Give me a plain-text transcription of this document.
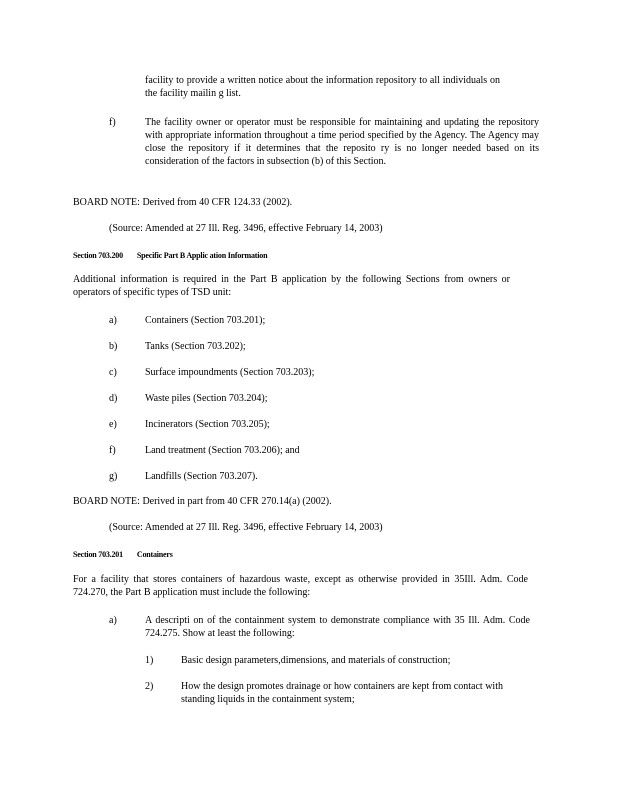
facility to provide a written notice about the information repository to all individuals on the facility mailin g list.

f)	The facility owner or operator must be responsible for maintaining and updating the repository with appropriate information throughout a time period specified by the Agency. The Agency may close the repository if it determines that the reposito ry is no longer needed based on its consideration of the factors in subsection (b) of this Section.

BOARD NOTE: Derived from 40 CFR 124.33 (2002).

(Source: Amended at 27 Ill. Reg. 3496, effective February 14, 2003)

Section 703.200 Specific Part B Applic ation Information

Additional information is required in the Part B application by the following Sections from owners or operators of specific types of TSD unit:

a)	Containers (Section 703.201);
b)	Tanks (Section 703.202);
c)	Surface impoundments (Section 703.203);
d)	Waste piles (Section 703.204);
e)	Incinerators (Section 703.205);
f)	Land treatment (Section 703.206); and
g)	Landfills (Section 703.207).

BOARD NOTE: Derived in part from 40 CFR 270.14(a) (2002).

(Source: Amended at 27 Ill. Reg. 3496, effective February 14, 2003)

Section 703.201 Containers

For a facility that stores containers of hazardous waste, except as otherwise provided in 35Ill. Adm. Code 724.270, the Part B application must include the following:

a)	A descripti on of the containment system to demonstrate compliance with 35 Ill. Adm. Code 724.275. Show at least the following:

1)	Basic design parameters,dimensions, and materials of construction;

2)	How the design promotes drainage or how containers are kept from contact with standing liquids in the containment system;
